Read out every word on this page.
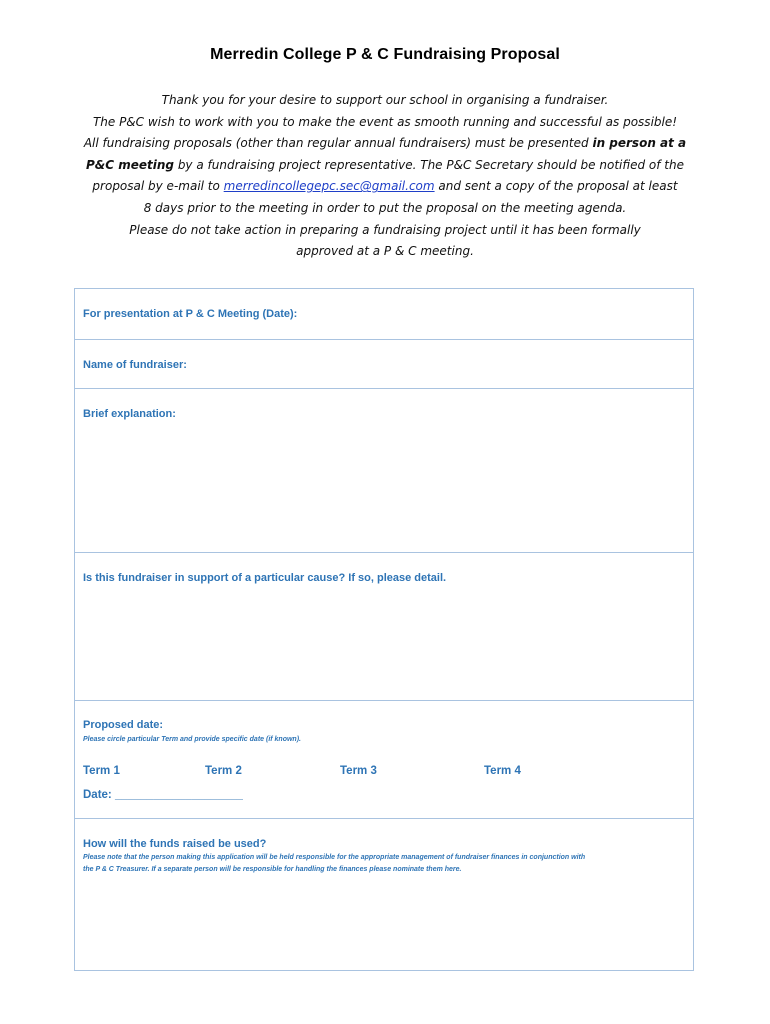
Merredin College P & C Fundraising Proposal
Thank you for your desire to support our school in organising a fundraiser.
The P&C wish to work with you to make the event as smooth running and successful as possible!
All fundraising proposals (other than regular annual fundraisers) must be presented in person at a
P&C meeting by a fundraising project representative. The P&C Secretary should be notified of the
proposal by e-mail to merredincollegepc.sec@gmail.com and sent a copy of the proposal at least
8 days prior to the meeting in order to put the proposal on the meeting agenda.
Please do not take action in preparing a fundraising project until it has been formally
approved at a P & C meeting.
For presentation at P & C Meeting (Date):
Name of fundraiser:
Brief explanation:
Is this fundraiser in support of a particular cause? If so, please detail.
Proposed date:
Please circle particular Term and provide specific date (if known).
Term 1	Term 2	Term 3	Term 4
Date: ____________________
How will the funds raised be used?
Please note that the person making this application will be held responsible for the appropriate management of fundraiser finances in conjunction with
the P & C Treasurer. If a separate person will be responsible for handling the finances please nominate them here.
